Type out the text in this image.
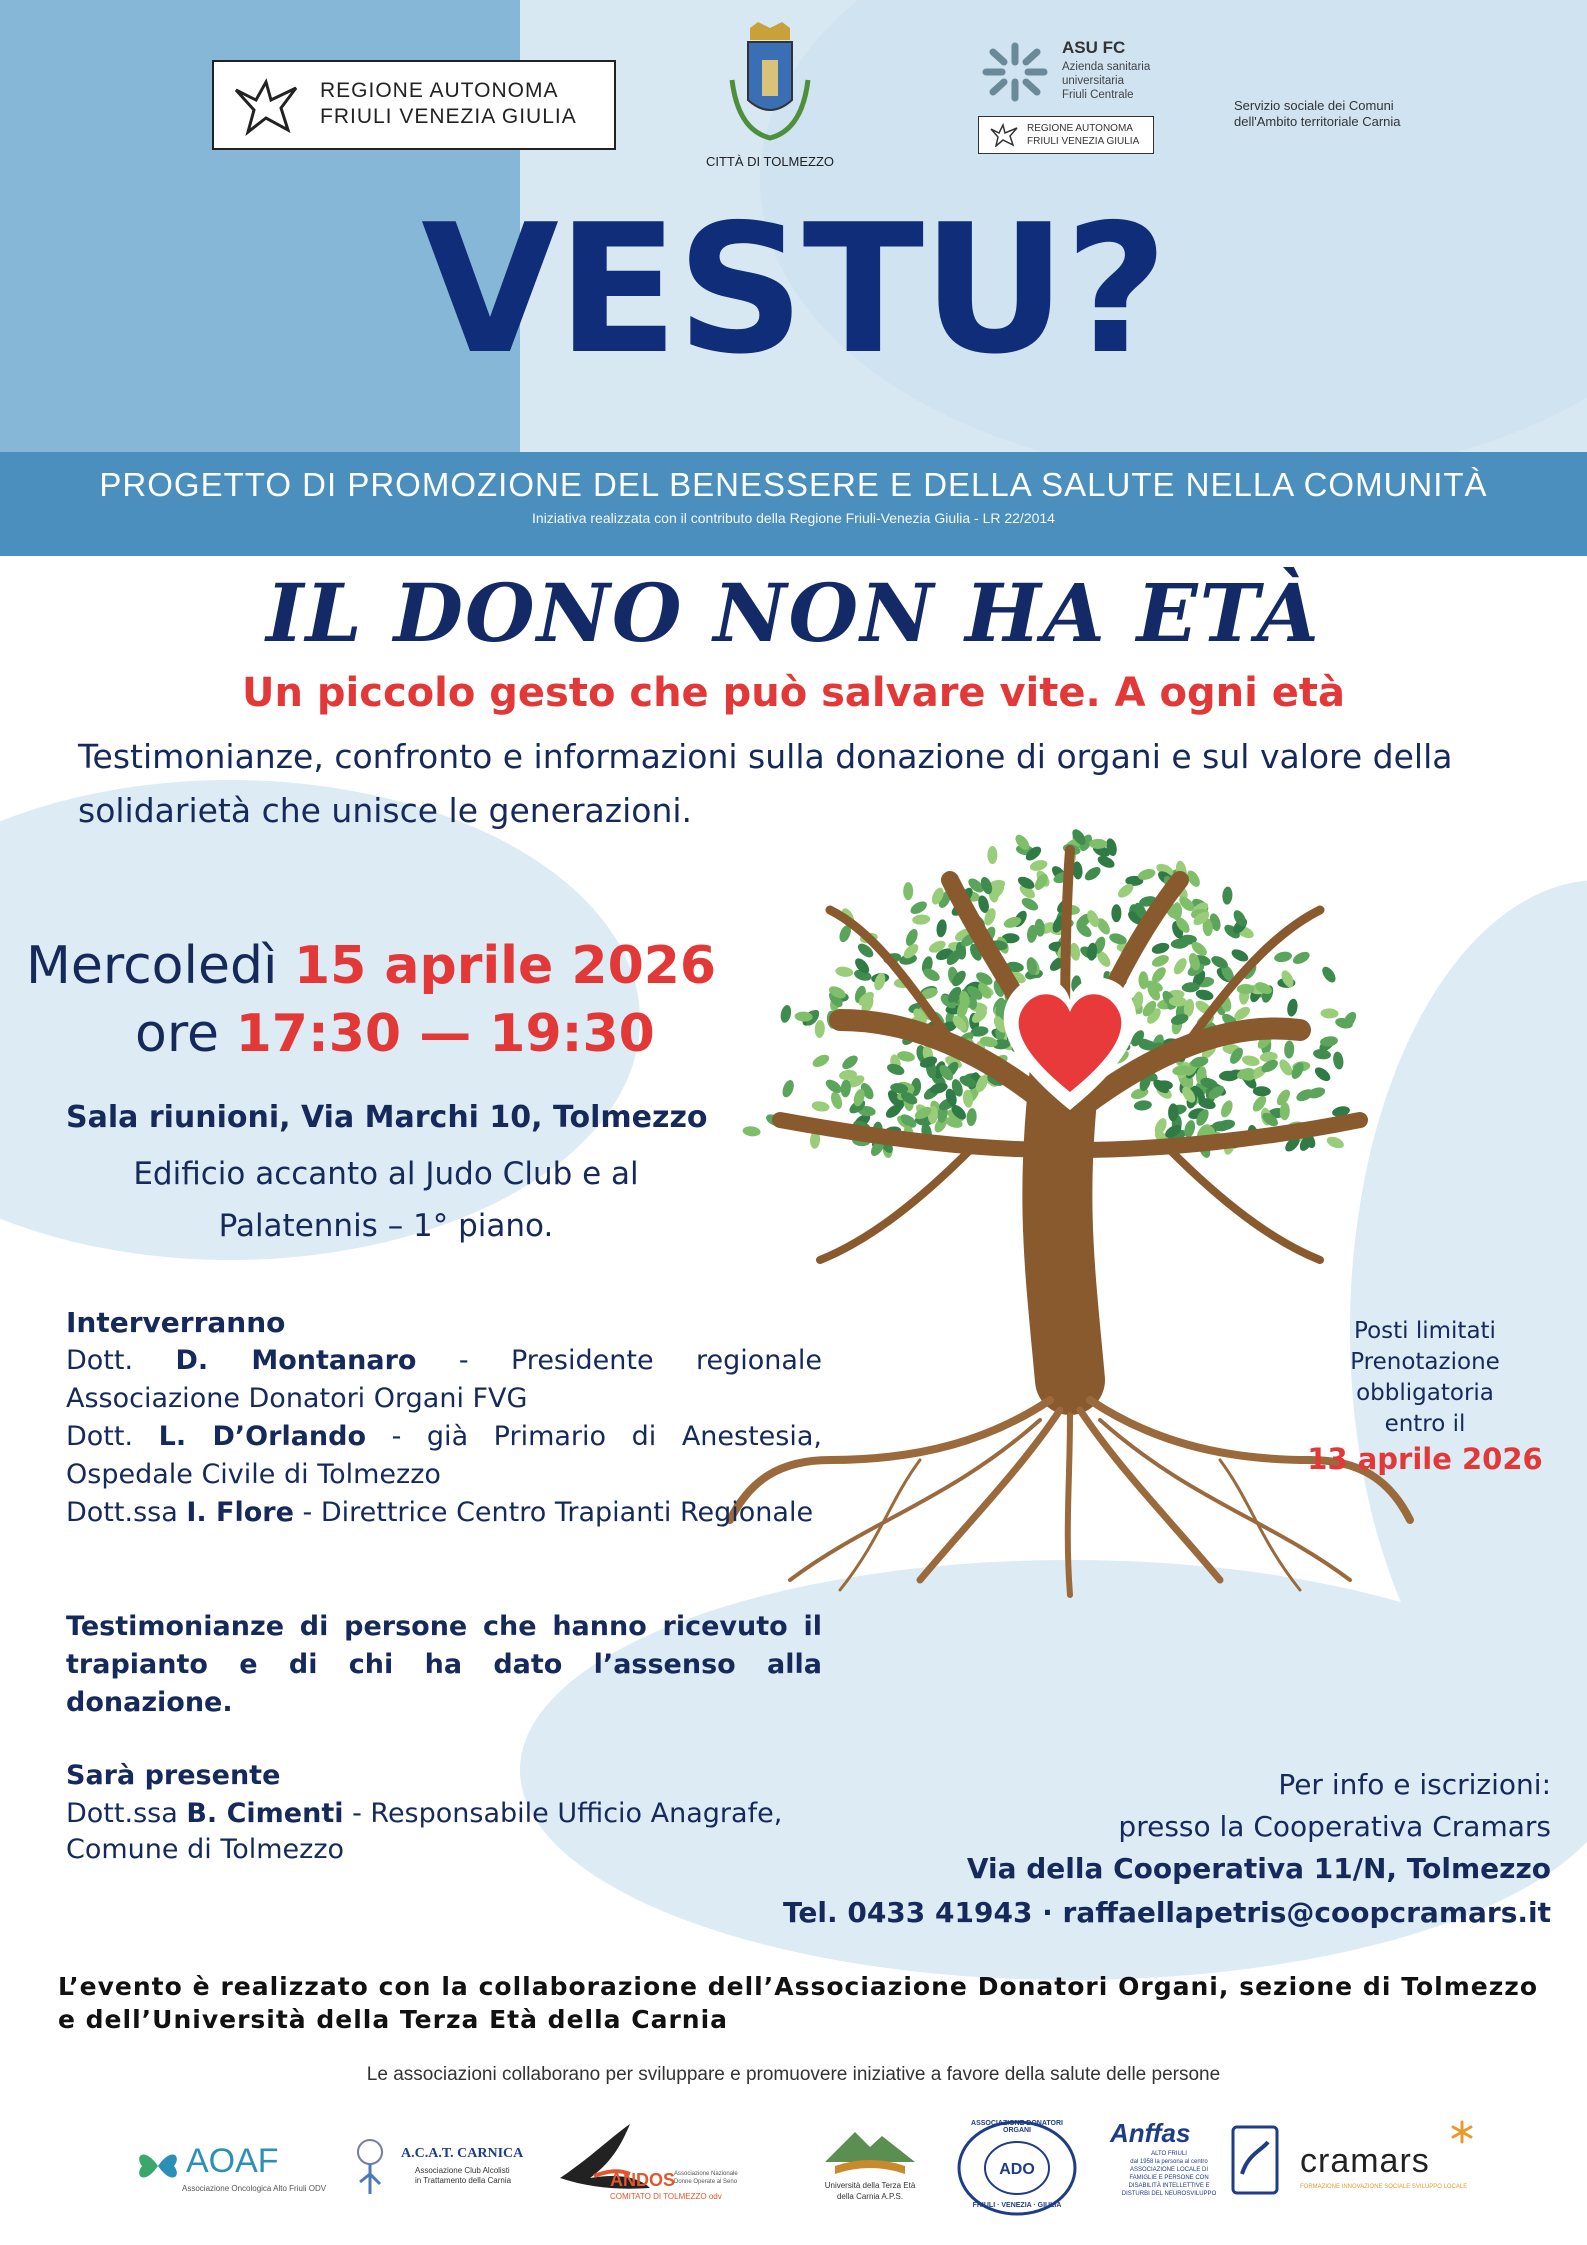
REGIONE AUTONOMA
FRIULI VENEZIA GIULIA
CITTÀ DI TOLMEZZO
ASU FC
Azienda sanitaria
universitaria
Friuli Centrale
REGIONE AUTONOMA
FRIULI VENEZIA GIULIA
Servizio sociale dei Comuni
dell'Ambito territoriale Carnia
VESTU?
PROGETTO DI PROMOZIONE DEL BENESSERE E DELLA SALUTE NELLA COMUNITÀ
Iniziativa realizzata con il contributo della Regione Friuli-Venezia Giulia - LR 22/2014
IL DONO NON HA ETÀ
Un piccolo gesto che può salvare vite. A ogni età
Testimonianze, confronto e informazioni sulla donazione di organi e sul valore della solidarietà che unisce le generazioni.
Mercoledì 15 aprile 2026
ore 17:30 — 19:30
Sala riunioni, Via Marchi 10, Tolmezzo
Edificio accanto al Judo Club e al
Palatennis – 1° piano.
Interverranno
Dott. D. Montanaro - Presidente regionale Associazione Donatori Organi FVG
Dott. L. D’Orlando - già Primario di Anestesia, Ospedale Civile di Tolmezzo
Dott.ssa I. Flore - Direttrice Centro Trapianti Regionale
Testimonianze di persone che hanno ricevuto il trapianto e di chi ha dato l’assenso alla donazione.
Sarà presente
Dott.ssa B. Cimenti - Responsabile Ufficio Anagrafe,
Comune di Tolmezzo
Posti limitati
Prenotazione
obbligatoria
entro il
13 aprile 2026
Per info e iscrizioni:
presso la Cooperativa Cramars
Via della Cooperativa 11/N, Tolmezzo
Tel. 0433 41943 · raffaellapetris@coopcramars.it
L’evento è realizzato con la collaborazione dell’Associazione Donatori Organi, sezione di Tolmezzo e dell’Università della Terza Età della Carnia
Le associazioni collaborano per sviluppare e promuovere iniziative a favore della salute delle persone
AOAF
Associazione Oncologica Alto Friuli ODV
A.C.A.T. CARNICA
Associazione Club Alcolisti
in Trattamento della Carnia	ANDOS
COMITATO DI TOLMEZZO odv
Associazione Nazionale
Donne Operate al Seno	Università della Terza Età
della Carnia A.P.S.
ADO
ASSOCIAZIONE DONATORI ORGANI
FRIULI · VENEZIA · GIULIA
Anffas
ALTO FRIULI
dal 1958 la persona al centro
ASSOCIAZIONE LOCALE DI
FAMIGLIE E PERSONE CON
DISABILITÀ INTELLETTIVE E
DISTURBI DEL NEUROSVILUPPO
cramars
FORMAZIONE INNOVAZIONE SOCIALE SVILUPPO LOCALE
